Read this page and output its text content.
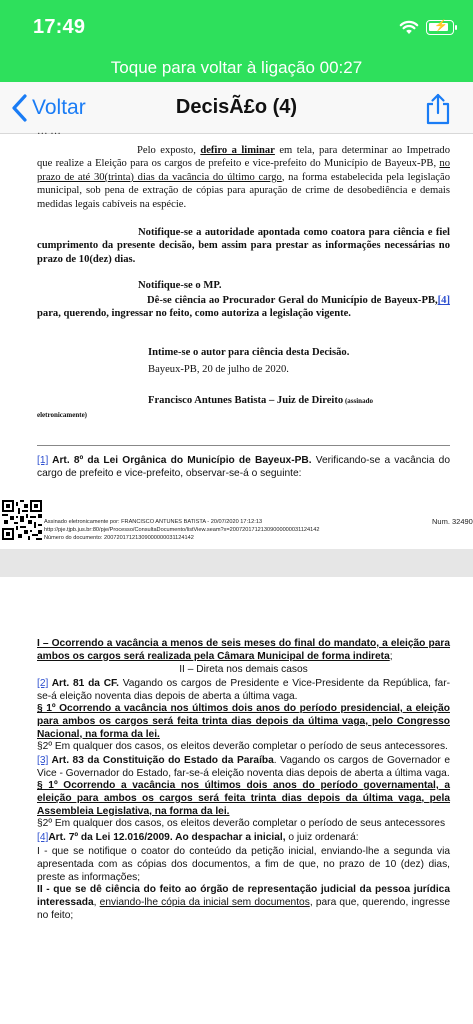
17:49	⚡
Toque para voltar à ligação 00:27
Voltar	DecisÃ£o (4)
… …

Pelo exposto, defiro a liminar em tela, para determinar ao Impetrado que realize a Eleição para os cargos de prefeito e vice-prefeito do Município de Bayeux-PB, no prazo de até 30(trinta) dias da vacância do último cargo, na forma estabelecida pela legislação municipal, sob pena de extração de cópias para apuração de crime de desobediência e demais medidas legais cabíveis na espécie.

Notifique-se a autoridade apontada como coatora para ciência e fiel cumprimento da presente decisão, bem assim para prestar as informações necessárias no prazo de 10(dez) dias.

Notifique-se o MP.

Dê-se ciência ao Procurador Geral do Município de Bayeux-PB,[4] para, querendo, ingressar no feito, como autoriza a legislação vigente.

Intime-se o autor para ciência desta Decisão.

Bayeux-PB, 20 de julho de 2020.

Francisco Antunes Batista – Juiz de Direito (assinado
eletronicamente)

[1] Art. 8º da Lei Orgânica do Município de Bayeux-PB. Verificando-se a vacância do cargo de prefeito e vice-prefeito, observar-se-á o seguinte:

Assinado eletronicamente por: FRANCISCO ANTUNES BATISTA - 20/07/2020 17:12:13
http://pje.tjpb.jus.br:80/pje/Processo/ConsultaDocumento/listView.seam?x=20072017121309000000031124142
Número do documento: 20072017121309000000031124142
Num. 32490

I – Ocorrendo a vacância a menos de seis meses do final do mandato, a eleição para ambos os cargos será realizada pela Câmara Municipal de forma indireta;

II – Direta nos demais casos

[2] Art. 81 da CF. Vagando os cargos de Presidente e Vice-Presidente da República, far-se-á eleição noventa dias depois de aberta a última vaga.

§ 1º Ocorrendo a vacância nos últimos dois anos do período presidencial, a eleição para ambos os cargos será feita trinta dias depois da última vaga, pelo Congresso Nacional, na forma da lei.

§2º Em qualquer dos casos, os eleitos deverão completar o período de seus antecessores.

[3] Art. 83 da Constituição do Estado da Paraíba. Vagando os cargos de Governador e Vice - Governador do Estado, far-se-á eleição noventa dias depois de aberta a última vaga.

§ 1º Ocorrendo a vacância nos últimos dois anos do período governamental, a eleição para ambos os cargos será feita trinta dias depois da última vaga, pela Assembleia Legislativa, na forma da lei.

§2º Em qualquer dos casos, os eleitos deverão completar o período de seus antecessores

[4]Art. 7º da Lei 12.016/2009. Ao despachar a inicial, o juiz ordenará:

I - que se notifique o coator do conteúdo da petição inicial, enviando-lhe a segunda via apresentada com as cópias dos documentos, a fim de que, no prazo de 10 (dez) dias, preste as informações;

II - que se dê ciência do feito ao órgão de representação judicial da pessoa jurídica interessada, enviando-lhe cópia da inicial sem documentos, para que, querendo, ingresse no feito;
